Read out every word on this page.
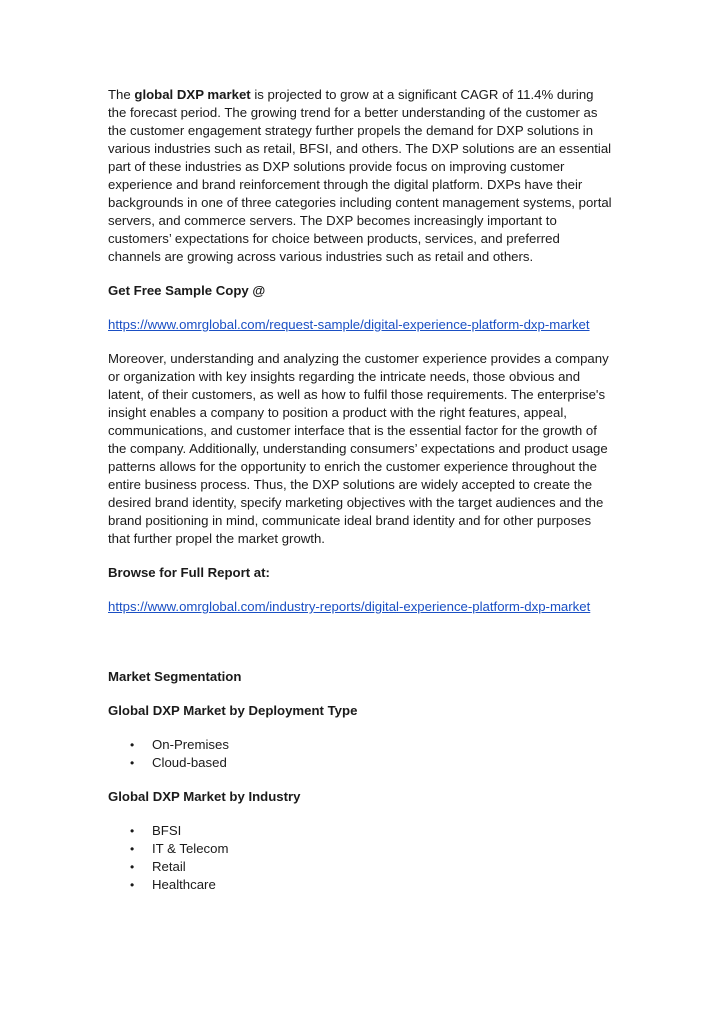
The global DXP market is projected to grow at a significant CAGR of 11.4% during the forecast period. The growing trend for a better understanding of the customer as the customer engagement strategy further propels the demand for DXP solutions in various industries such as retail, BFSI, and others. The DXP solutions are an essential part of these industries as DXP solutions provide focus on improving customer experience and brand reinforcement through the digital platform. DXPs have their backgrounds in one of three categories including content management systems, portal servers, and commerce servers. The DXP becomes increasingly important to customers’ expectations for choice between products, services, and preferred channels are growing across various industries such as retail and others.

Get Free Sample Copy @

https://www.omrglobal.com/request-sample/digital-experience-platform-dxp-market

Moreover, understanding and analyzing the customer experience provides a company or organization with key insights regarding the intricate needs, those obvious and latent, of their customers, as well as how to fulfil those requirements. The enterprise's insight enables a company to position a product with the right features, appeal, communications, and customer interface that is the essential factor for the growth of the company. Additionally, understanding consumers’ expectations and product usage patterns allows for the opportunity to enrich the customer experience throughout the entire business process. Thus, the DXP solutions are widely accepted to create the desired brand identity, specify marketing objectives with the target audiences and the brand positioning in mind, communicate ideal brand identity and for other purposes that further propel the market growth.

Browse for Full Report at:

https://www.omrglobal.com/industry-reports/digital-experience-platform-dxp-market

Market Segmentation

Global DXP Market by Deployment Type

• On-Premises
• Cloud-based

Global DXP Market by Industry

• BFSI
• IT & Telecom
• Retail
• Healthcare
